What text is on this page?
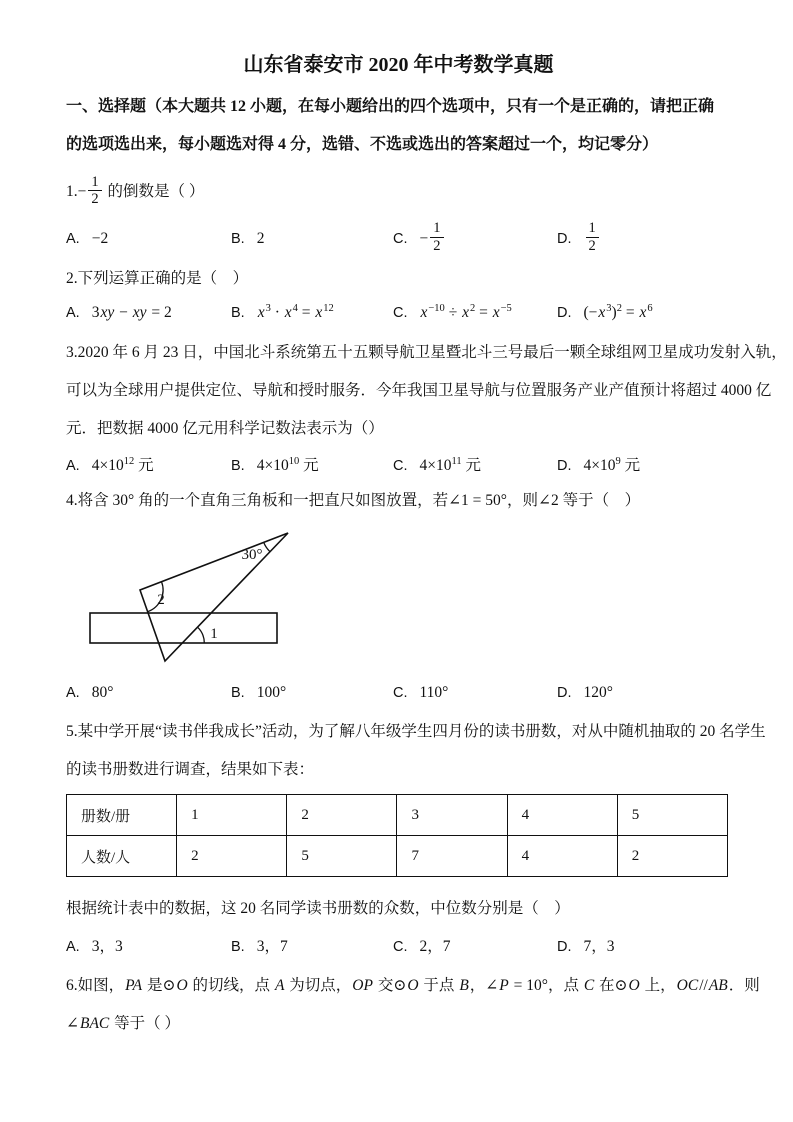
山东省泰安市 2020 年中考数学真题
一、选择题（本大题共 12 小题，在每小题给出的四个选项中，只有一个是正确的，请把正确
的选项选出来，每小题选对得 4 分，选错、不选或选出的答案超过一个，均记零分）
$1.- \frac{1}{2}$ 的倒数是（ ）
A. −2	B. 2	C. − $\frac{1}{2}$	D. $\frac{1}{2}$
2.下列运算正确的是（　）
A. 3xy − xy = 2	B. $x^3 \cdot x^4 = x^{12}$	C. $x^{-10} \div x^2 = x^{-5}$	D. $(-x^3)^2 = x^6$
3.2020 年 6 月 23 日，中国北斗系统第五十五颗导航卫星暨北斗三号最后一颗全球组网卫星成功发射入轨，
可以为全球用户提供定位、导航和授时服务．今年我国卫星导航与位置服务产业产值预计将超过 4000 亿
元．把数据 4000 亿元用科学记数法表示为（）
A. $4\times 10^{12}$ 元	B. $4\times 10^{10}$ 元	C. $4\times 10^{11}$ 元	D. $4\times 10^9$ 元
4.将含 30° 角的一个直角三角板和一把直尺如图放置，若∠1 = 50°，则∠2 等于（　）
30°
2
1
A. 80°	B. 100°	C. 110°	D. 120°
5.某中学开展“读书伴我成长”活动，为了解八年级学生四月份的读书册数，对从中随机抽取的 20 名学生
的读书册数进行调查，结果如下表：
册数/册	1	2	3	4	5
人数/人	2	5	7	4	2
根据统计表中的数据，这 20 名同学读书册数的众数，中位数分别是（　）
A. 3，3	B. 3，7	C. 2，7	D. 7，3
6.如图，PA 是⊙O 的切线，点 A 为切点，OP 交⊙O 于点 B，∠P = 10°，点 C 在⊙O 上，OC//AB．则
∠BAC 等于（ ）
